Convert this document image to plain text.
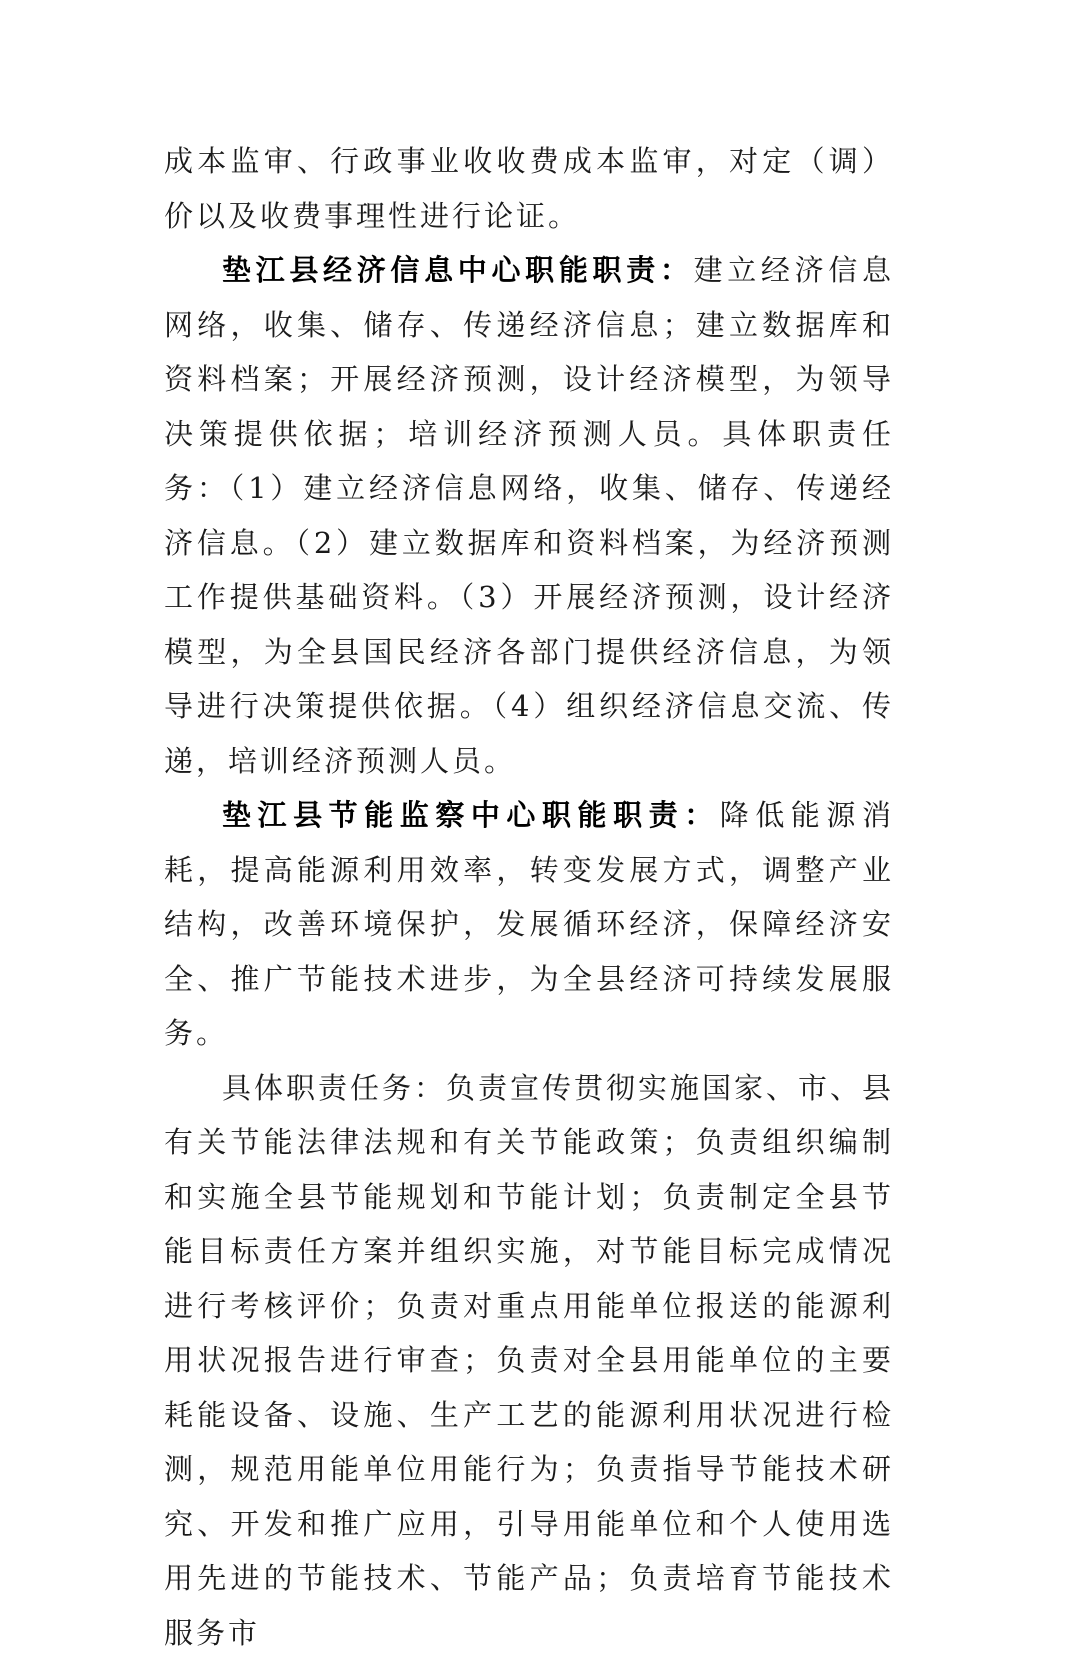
成本监审、行政事业收收费成本监审，对定（调）价以及收费事理性进行论证。

垫江县经济信息中心职能职责：建立经济信息网络，收集、储存、传递经济信息；建立数据库和资料档案；开展经济预测，设计经济模型，为领导决策提供依据；培训经济预测人员。具体职责任务：（1）建立经济信息网络，收集、储存、传递经济信息。（2）建立数据库和资料档案，为经济预测工作提供基础资料。（3）开展经济预测，设计经济模型，为全县国民经济各部门提供经济信息，为领导进行决策提供依据。（4）组织经济信息交流、传递，培训经济预测人员。

垫江县节能监察中心职能职责：降低能源消耗，提高能源利用效率，转变发展方式，调整产业结构，改善环境保护，发展循环经济，保障经济安全、推广节能技术进步，为全县经济可持续发展服务。

具体职责任务：负责宣传贯彻实施国家、市、县有关节能法律法规和有关节能政策；负责组织编制和实施全县节能规划和节能计划；负责制定全县节能目标责任方案并组织实施，对节能目标完成情况进行考核评价；负责对重点用能单位报送的能源利用状况报告进行审查；负责对全县用能单位的主要耗能设备、设施、生产工艺的能源利用状况进行检测，规范用能单位用能行为；负责指导节能技术研究、开发和推广应用，引导用能单位和个人使用选用先进的节能技术、节能产品；负责培育节能技术服务市
